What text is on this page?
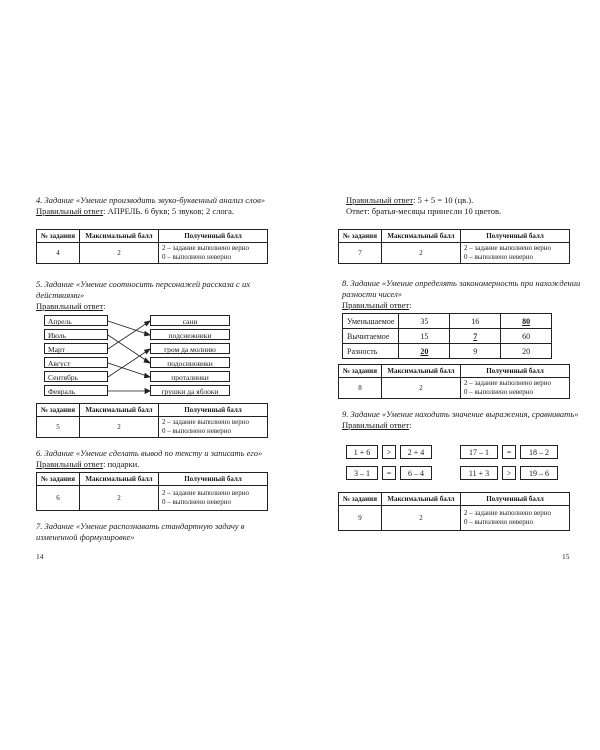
4. Задание «Умение производить звуко-буквенный анализ слов»

Правильный ответ: АПРЕЛЬ. 6 букв; 5 звуков; 2 слога.

№ задания	Максимальный балл	Полученный балл
4	2	2 – задание выполнено верно
0 – выполнено неверно

5. Задание «Умение соотносить персонажей рассказа с их действиями»

Правильный ответ:

Апрель
Июль
Март
Август
Сентябрь
Февраль
сани
подснежники
гром да молнию
подосиновики
проталинки
грушки да яблоки
№ задания	Максимальный балл	Полученный балл
5	2	2 – задание выполнено верно
0 – выполнено неверно

6. Задание «Умение сделать вывод по тексту и записать его»

Правильный ответ: подарки.

№ задания	Максимальный балл	Полученный балл
6	2	2 – задание выполнено верно
0 – выполнено неверно

7. Задание «Умение распознавать стандартную задачу в измененной формулировке»

14

Правильный ответ: 5 + 5 = 10 (цв.).

Ответ: братья-месяцы принесли 10 цветов.

№ задания	Максимальный балл	Полученный балл
7	2	2 – задание выполнено верно
0 – выполнено неверно

8. Задание «Умение определять закономерность при нахождении разности чисел»

Правильный ответ:

Уменьшаемое	35	16	80
Вычитаемое	15	7	60
Разность	20	9	20
№ задания	Максимальный балл	Полученный балл
8	2	2 – задание выполнено верно
0 – выполнено неверно

9. Задание «Умение находить значение выражения, сравнивать»

Правильный ответ:

1 + 6	>	2 + 4	17 – 1	=	18 – 2
3 – 1	=	6 – 4	11 + 3	>	19 – 6
№ задания	Максимальный балл	Полученный балл
9	2	2 – задание выполнено верно
0 – выполнено неверно
15
